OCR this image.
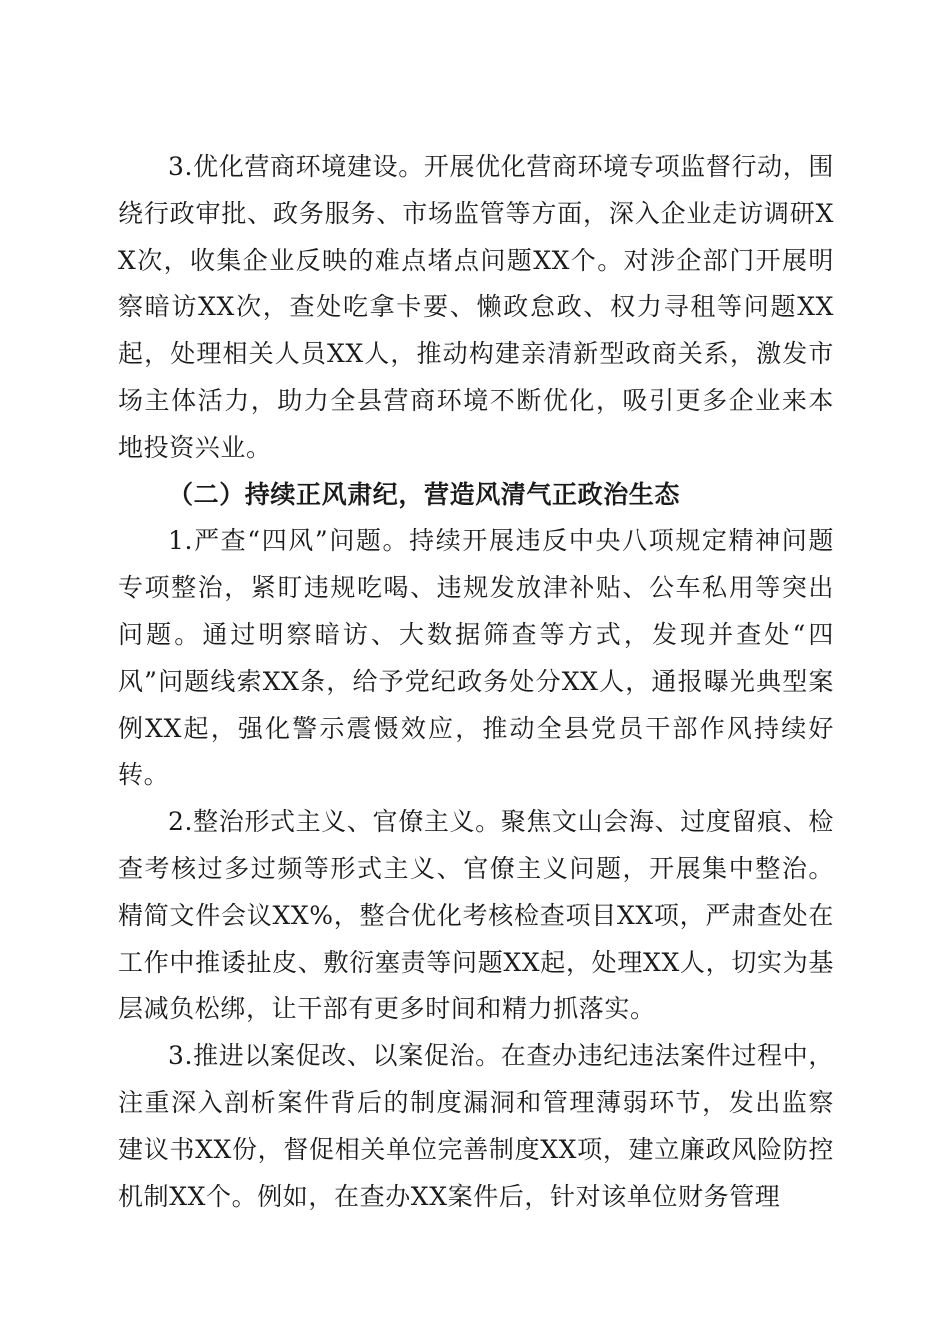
3.优化营商环境建设。开展优化营商环境专项监督行动，围绕行政审批、政务服务、市场监管等方面，深入企业走访调研XX次，收集企业反映的难点堵点问题XX个。对涉企部门开展明察暗访XX次，查处吃拿卡要、懒政怠政、权力寻租等问题XX起，处理相关人员XX人，推动构建亲清新型政商关系，激发市场主体活力，助力全县营商环境不断优化，吸引更多企业来本地投资兴业。

（二）持续正风肃纪，营造风清气正政治生态

1.严查“四风”问题。持续开展违反中央八项规定精神问题专项整治，紧盯违规吃喝、违规发放津补贴、公车私用等突出问题。通过明察暗访、大数据筛查等方式，发现并查处“四风”问题线索XX条，给予党纪政务处分XX人，通报曝光典型案例XX起，强化警示震慑效应，推动全县党员干部作风持续好转。

2.整治形式主义、官僚主义。聚焦文山会海、过度留痕、检查考核过多过频等形式主义、官僚主义问题，开展集中整治。精简文件会议XX%，整合优化考核检查项目XX项，严肃查处在工作中推诿扯皮、敷衍塞责等问题XX起，处理XX人，切实为基层减负松绑，让干部有更多时间和精力抓落实。

3.推进以案促改、以案促治。在查办违纪违法案件过程中，注重深入剖析案件背后的制度漏洞和管理薄弱环节，发出监察建议书XX份，督促相关单位完善制度XX项，建立廉政风险防控机制XX个。例如，在查办XX案件后，针对该单位财务管理
